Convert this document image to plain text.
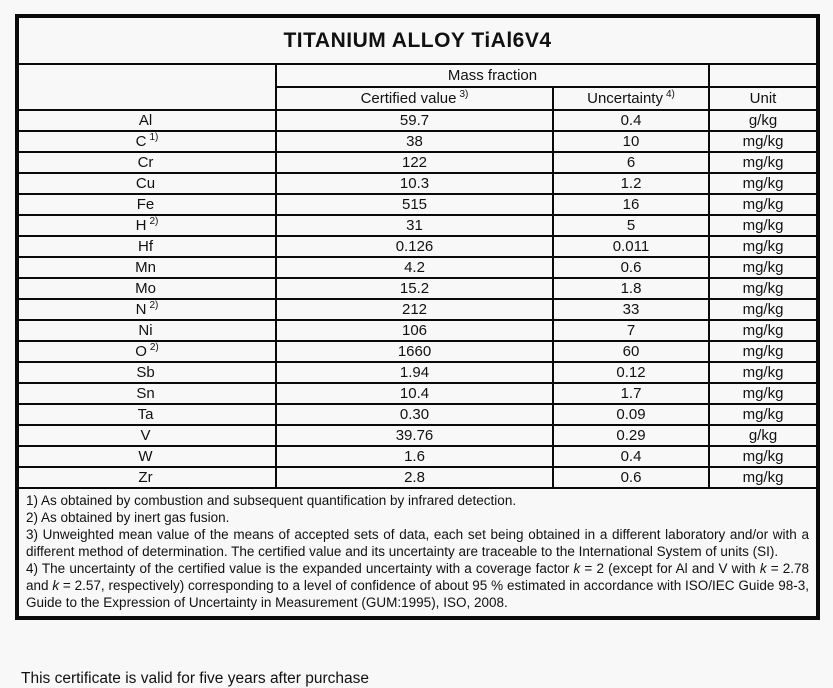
TITANIUM ALLOY TiAl6V4			
	Mass fraction		
	Certified value $^{3)}$	Uncertainty $^{4)}$	Unit
Al	59.7	0.4	g/kg
C $^{1)}$	38	10	mg/kg
Cr	122	6	mg/kg
Cu	10.3	1.2	mg/kg
Fe	515	16	mg/kg
H $^{2)}$	31	5	mg/kg
Hf	0.126	0.011	mg/kg
Mn	4.2	0.6	mg/kg
Mo	15.2	1.8	mg/kg
N $^{2)}$	212	33	mg/kg
Ni	106	7	mg/kg
O $^{2)}$	1660	60	mg/kg
Sb	1.94	0.12	mg/kg
Sn	10.4	1.7	mg/kg
Ta	0.30	0.09	mg/kg
V	39.76	0.29	g/kg
W	1.6	0.4	mg/kg
Zr	2.8	0.6	mg/kg

1) As obtained by combustion and subsequent quantification by infrared detection.

2) As obtained by inert gas fusion.

3) Unweighted mean value of the means of accepted sets of data, each set being obtained in a different laboratory and/or with a different method of determination. The certified value and its uncertainty are traceable to the International System of units (SI).

4) The uncertainty of the certified value is the expanded uncertainty with a coverage factor k = 2 (except for Al and V with k = 2.78 and k = 2.57, respectively) corresponding to a level of confidence of about 95 % estimated in accordance with ISO/IEC Guide 98-3, Guide to the Expression of Uncertainty in Measurement (GUM:1995), ISO, 2008.

This certificate is valid for five years after purchase
